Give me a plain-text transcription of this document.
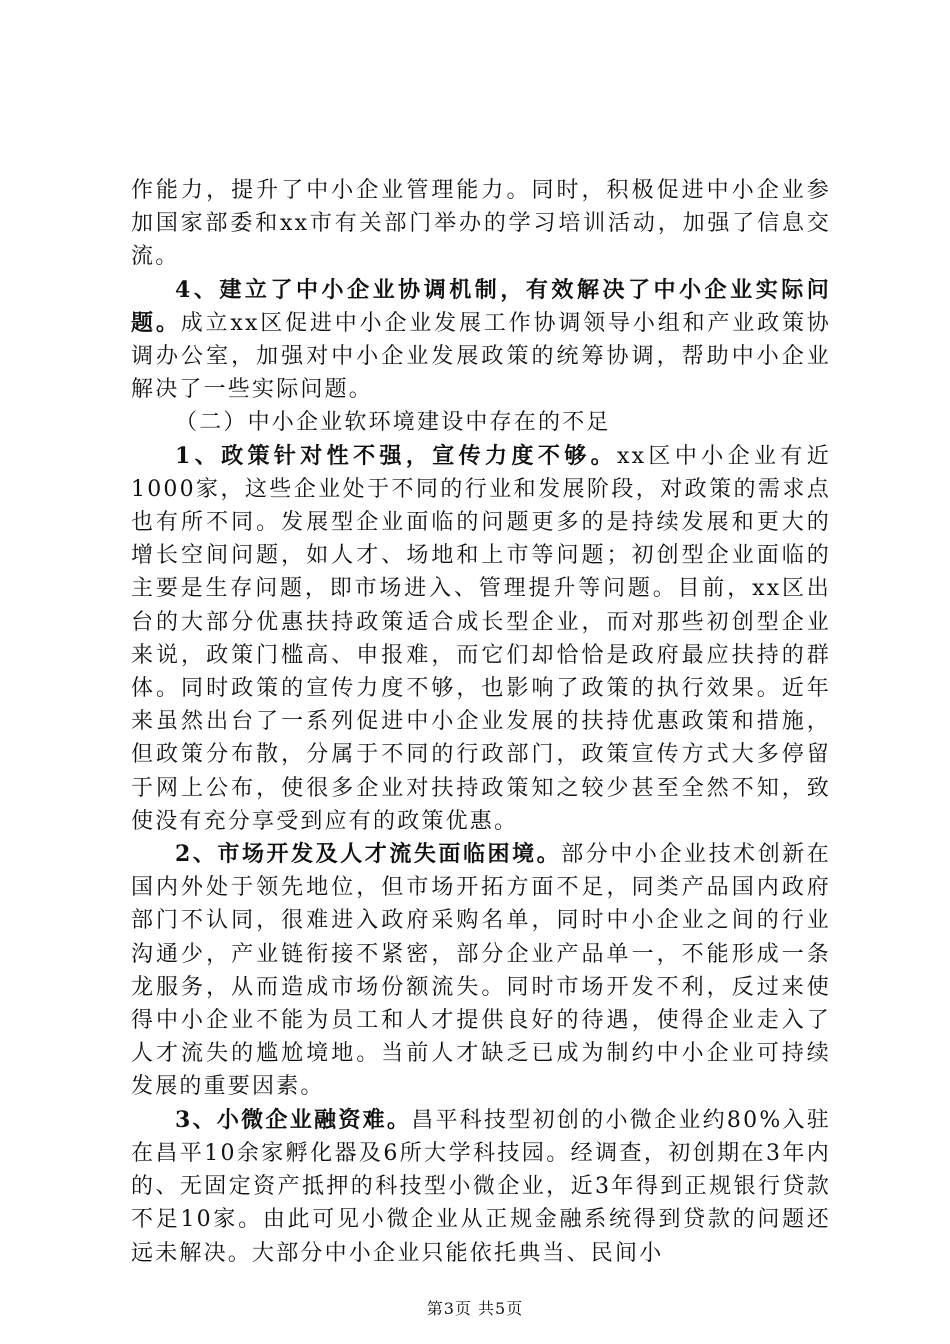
作能力，提升了中小企业管理能力。同时，积极促进中小企业参加国家部委和xx市有关部门举办的学习培训活动，加强了信息交流。

4、建立了中小企业协调机制，有效解决了中小企业实际问题。成立xx区促进中小企业发展工作协调领导小组和产业政策协调办公室，加强对中小企业发展政策的统筹协调，帮助中小企业解决了一些实际问题。

（二）中小企业软环境建设中存在的不足

1、政策针对性不强，宣传力度不够。xx区中小企业有近1000家，这些企业处于不同的行业和发展阶段，对政策的需求点也有所不同。发展型企业面临的问题更多的是持续发展和更大的增长空间问题，如人才、场地和上市等问题；初创型企业面临的主要是生存问题，即市场进入、管理提升等问题。目前，xx区出台的大部分优惠扶持政策适合成长型企业，而对那些初创型企业来说，政策门槛高、申报难，而它们却恰恰是政府最应扶持的群体。同时政策的宣传力度不够，也影响了政策的执行效果。近年来虽然出台了一系列促进中小企业发展的扶持优惠政策和措施，但政策分布散，分属于不同的行政部门，政策宣传方式大多停留于网上公布，使很多企业对扶持政策知之较少甚至全然不知，致使没有充分享受到应有的政策优惠。

2、市场开发及人才流失面临困境。部分中小企业技术创新在国内外处于领先地位，但市场开拓方面不足，同类产品国内政府部门不认同，很难进入政府采购名单，同时中小企业之间的行业沟通少，产业链衔接不紧密，部分企业产品单一，不能形成一条龙服务，从而造成市场份额流失。同时市场开发不利，反过来使得中小企业不能为员工和人才提供良好的待遇，使得企业走入了人才流失的尴尬境地。当前人才缺乏已成为制约中小企业可持续发展的重要因素。

3、小微企业融资难。昌平科技型初创的小微企业约80%入驻在昌平10余家孵化器及6所大学科技园。经调查，初创期在3年内的、无固定资产抵押的科技型小微企业，近3年得到正规银行贷款不足10家。由此可见小微企业从正规金融系统得到贷款的问题还远未解决。大部分中小企业只能依托典当、民间小

第3页 共5页
